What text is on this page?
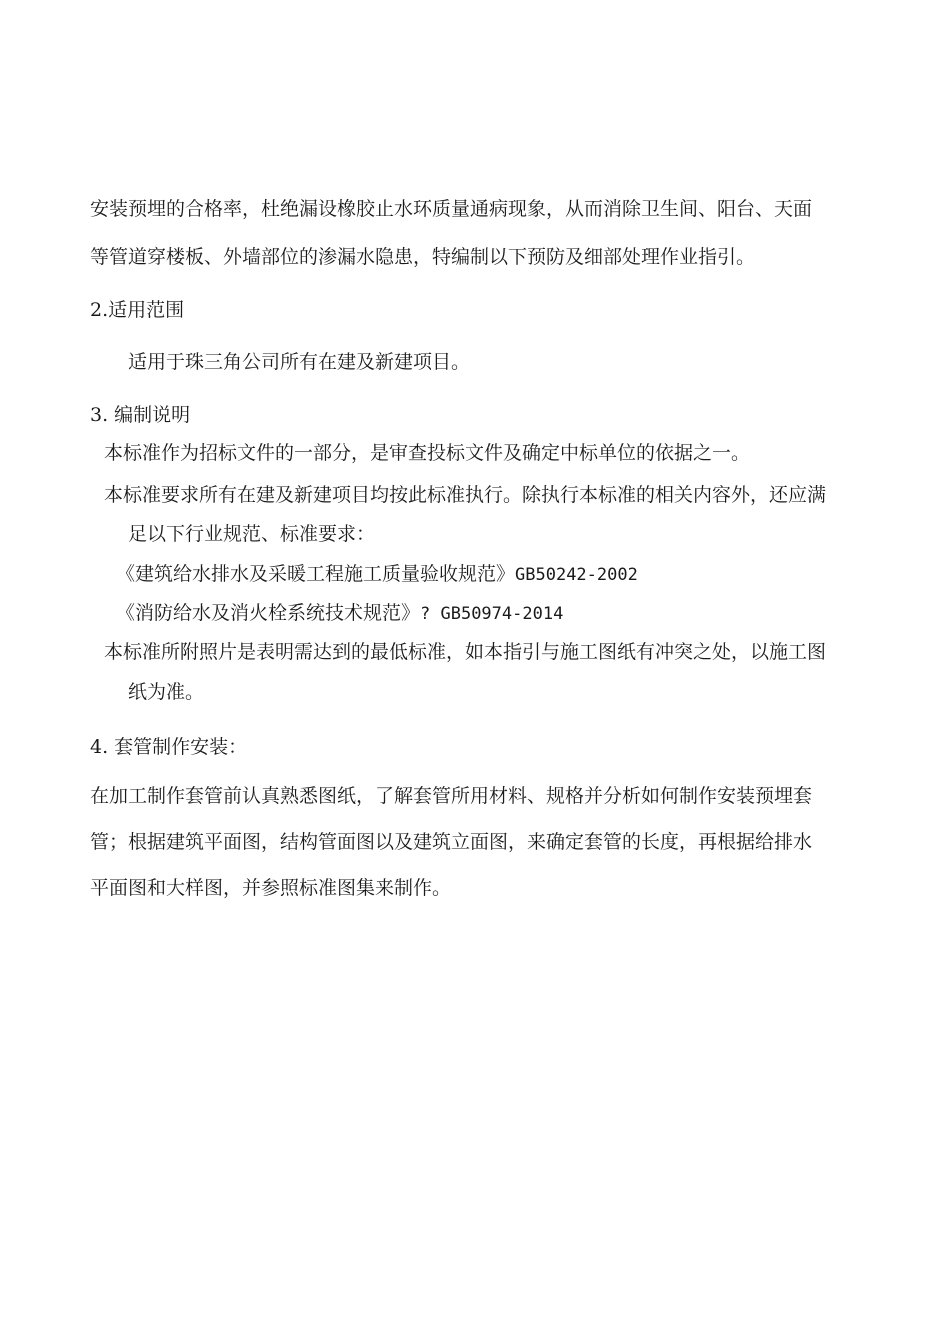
安装预埋的合格率，杜绝漏设橡胶止水环质量通病现象，从而消除卫生间、阳台、天面
等管道穿楼板、外墙部位的渗漏水隐患，特编制以下预防及细部处理作业指引。
2.适用范围
适用于珠三角公司所有在建及新建项目。
3. 编制说明
本标准作为招标文件的一部分，是审查投标文件及确定中标单位的依据之一。
本标准要求所有在建及新建项目均按此标准执行。除执行本标准的相关内容外，还应满
足以下行业规范、标准要求：
《建筑给水排水及采暖工程施工质量验收规范》GB50242-2002
《消防给水及消火栓系统技术规范》? GB50974-2014
本标准所附照片是表明需达到的最低标准，如本指引与施工图纸有冲突之处，以施工图
纸为准。
4. 套管制作安装：
在加工制作套管前认真熟悉图纸，了解套管所用材料、规格并分析如何制作安装预埋套
管；根据建筑平面图，结构管面图以及建筑立面图，来确定套管的长度，再根据给排水
平面图和大样图，并参照标准图集来制作。
